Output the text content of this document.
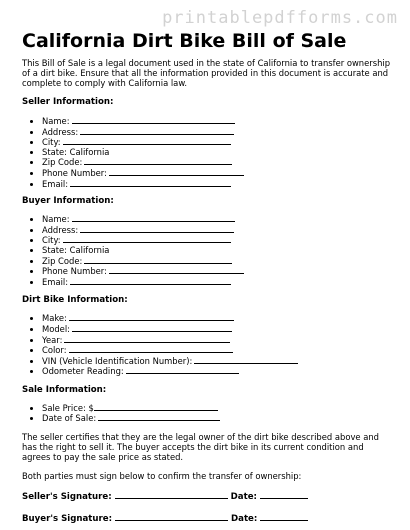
printablepdfforms.com
California Dirt Bike Bill of Sale

This Bill of Sale is a legal document used in the state of California to transfer ownership of a dirt bike. Ensure that all the information provided in this document is accurate and complete to comply with California law.

Seller Information:

• Name:
• Address:
• City:
• State: California
• Zip Code:
• Phone Number:
• Email:

Buyer Information:

• Name:
• Address:
• City:
• State: California
• Zip Code:
• Phone Number:
• Email:

Dirt Bike Information:

• Make:
• Model:
• Year:
• Color:
• VIN (Vehicle Identification Number):
• Odometer Reading:

Sale Information:

• Sale Price: $
• Date of Sale:

The seller certifies that they are the legal owner of the dirt bike described above and has the right to sell it. The buyer accepts the dirt bike in its current condition and agrees to pay the sale price as stated.

Both parties must sign below to confirm the transfer of ownership:

Seller's Signature:	Date:
Buyer's Signature:	Date:
